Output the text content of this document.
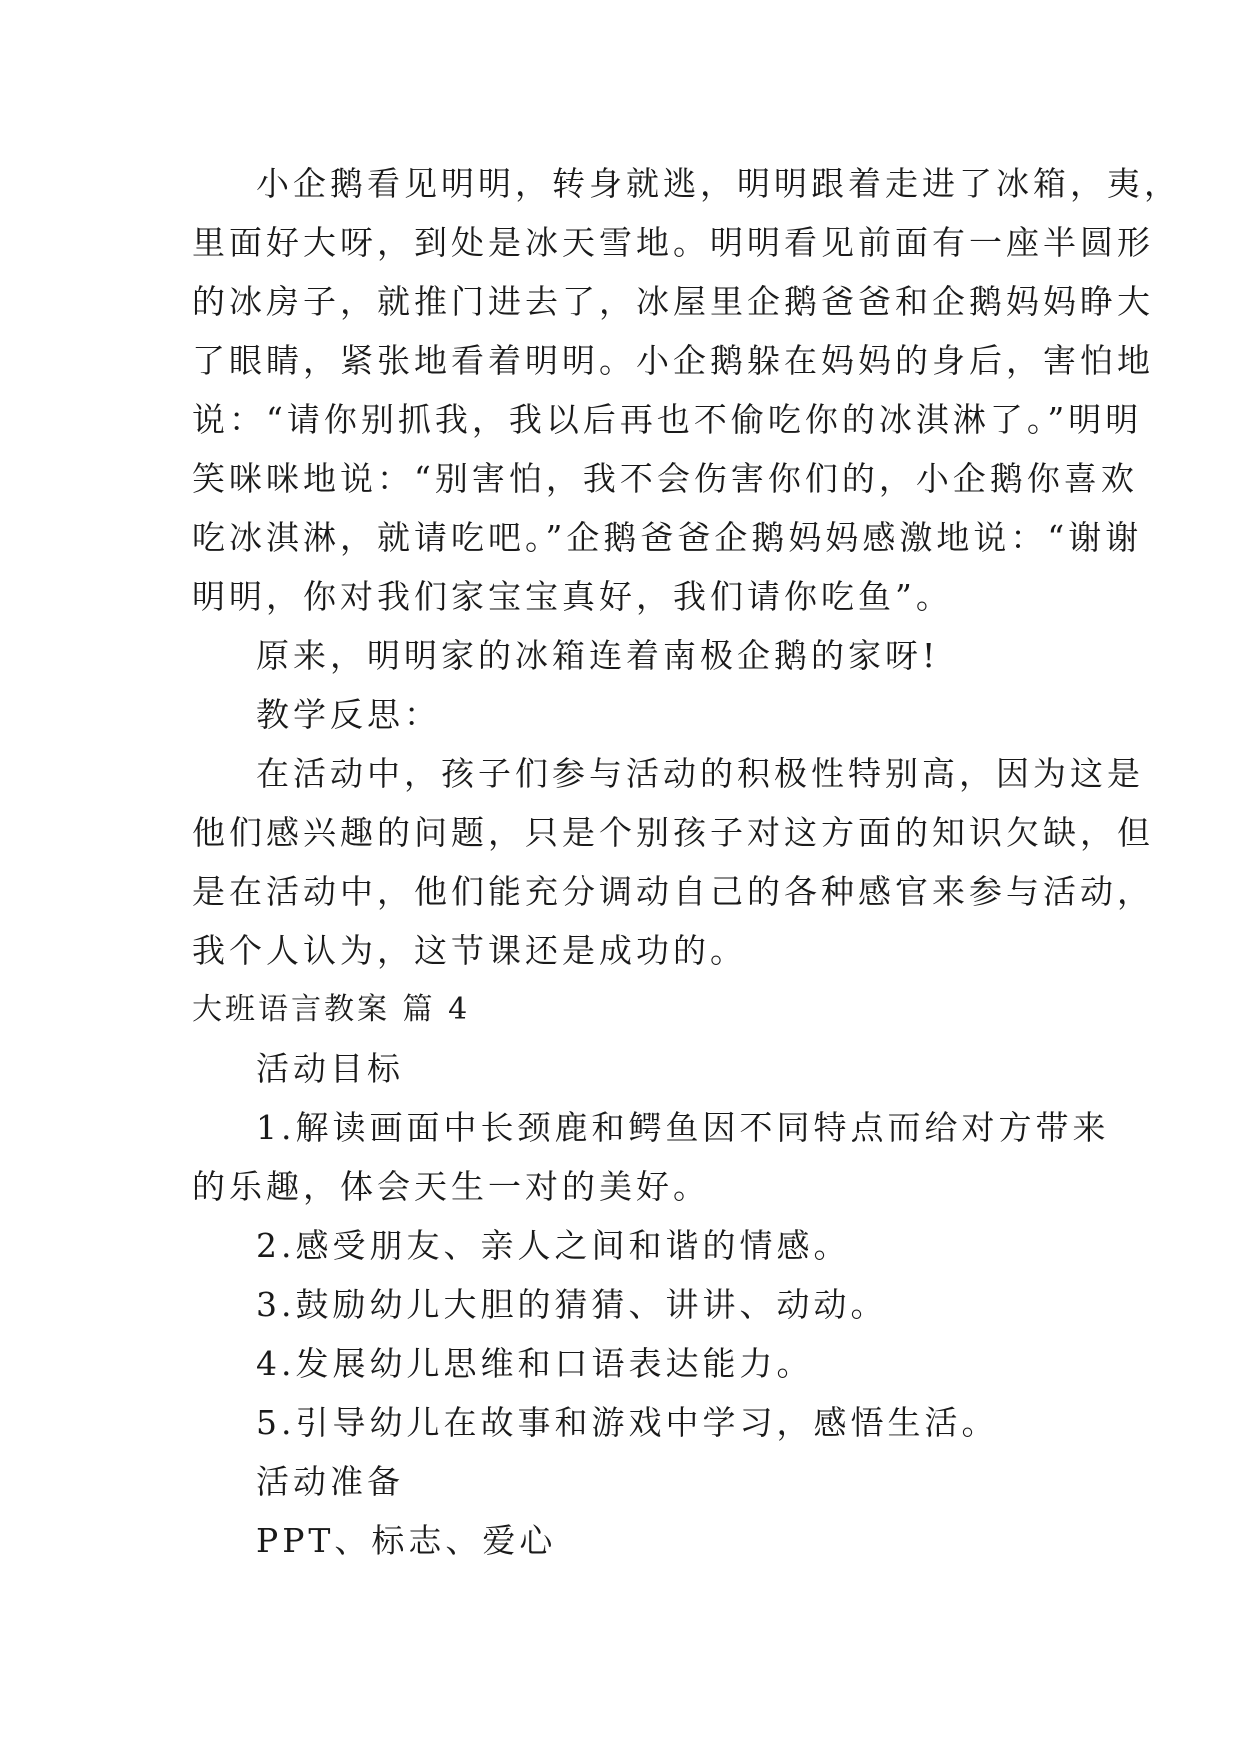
小企鹅看见明明，转身就逃，明明跟着走进了冰箱，夷，
里面好大呀，到处是冰天雪地。明明看见前面有一座半圆形
的冰房子，就推门进去了，冰屋里企鹅爸爸和企鹅妈妈睁大
了眼睛，紧张地看着明明。小企鹅躲在妈妈的身后，害怕地
说：“请你别抓我，我以后再也不偷吃你的冰淇淋了。”明明
笑咪咪地说：“别害怕，我不会伤害你们的，小企鹅你喜欢
吃冰淇淋，就请吃吧。”企鹅爸爸企鹅妈妈感激地说：“谢谢
明明，你对我们家宝宝真好，我们请你吃鱼”。
原来，明明家的冰箱连着南极企鹅的家呀!
教学反思：
在活动中，孩子们参与活动的积极性特别高，因为这是
他们感兴趣的问题，只是个别孩子对这方面的知识欠缺，但
是在活动中，他们能充分调动自己的各种感官来参与活动，
我个人认为，这节课还是成功的。
大班语言教案 篇 4
活动目标
1.解读画面中长颈鹿和鳄鱼因不同特点而给对方带来
的乐趣，体会天生一对的美好。
2.感受朋友、亲人之间和谐的情感。
3.鼓励幼儿大胆的猜猜、讲讲、动动。
4.发展幼儿思维和口语表达能力。
5.引导幼儿在故事和游戏中学习，感悟生活。
活动准备
PPT、标志、爱心
